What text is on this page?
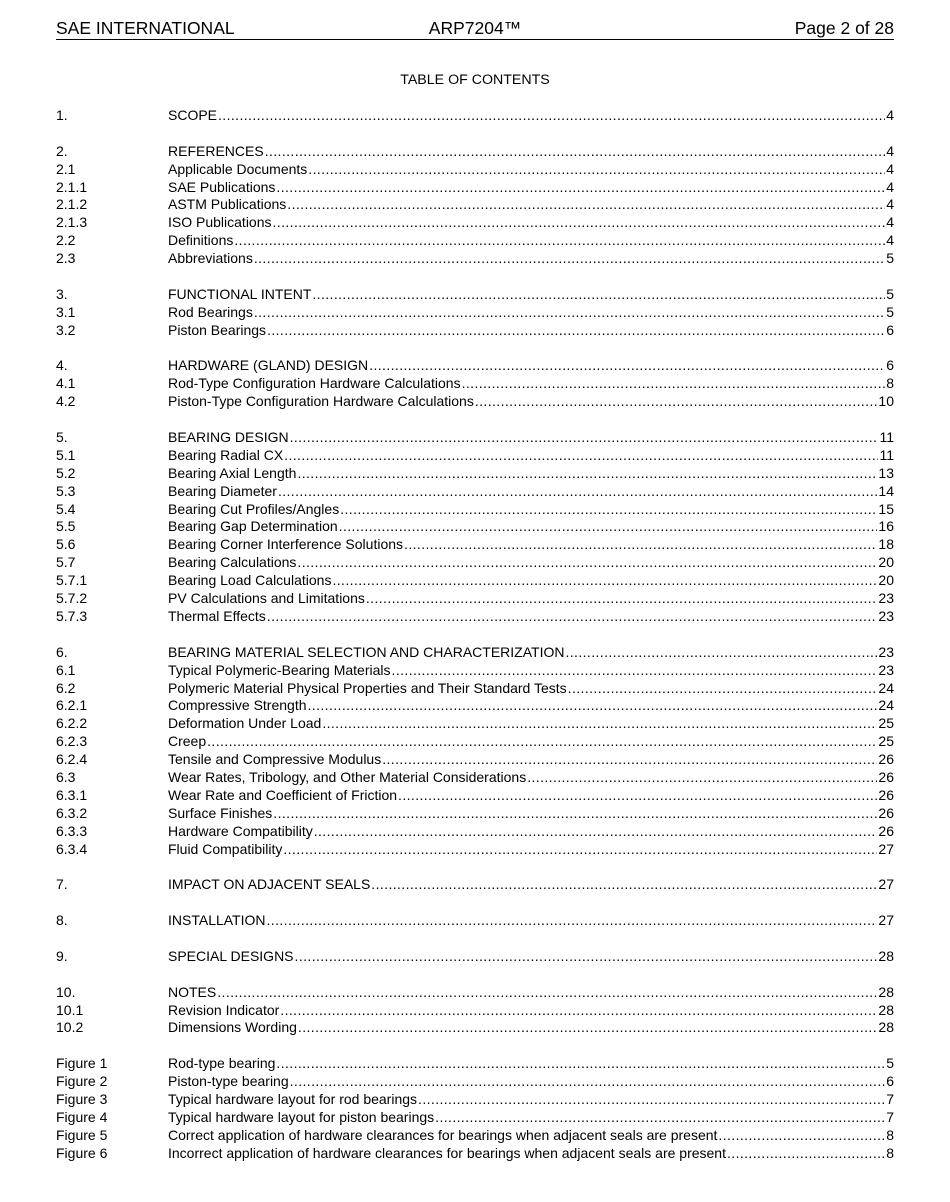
SAE INTERNATIONAL	ARP7204™	Page 2 of 28
TABLE OF CONTENTS
1.	SCOPE .....	4
2.	REFERENCES .....	4
2.1	Applicable Documents .....	4
2.1.1	SAE Publications .....	4
2.1.2	ASTM Publications .....	4
2.1.3	ISO Publications .....	4
2.2	Definitions .....	4
2.3	Abbreviations .....	5
3.	FUNCTIONAL INTENT .....	5
3.1	Rod Bearings .....	5
3.2	Piston Bearings .....	6
4.	HARDWARE (GLAND) DESIGN .....	6
4.1	Rod-Type Configuration Hardware Calculations .....	8
4.2	Piston-Type Configuration Hardware Calculations .....	10
5.	BEARING DESIGN .....	11
5.1	Bearing Radial CX .....	11
5.2	Bearing Axial Length .....	13
5.3	Bearing Diameter .....	14
5.4	Bearing Cut Profiles/Angles .....	15
5.5	Bearing Gap Determination .....	16
5.6	Bearing Corner Interference Solutions .....	18
5.7	Bearing Calculations .....	20
5.7.1	Bearing Load Calculations .....	20
5.7.2	PV Calculations and Limitations .....	23
5.7.3	Thermal Effects .....	23
6.	BEARING MATERIAL SELECTION AND CHARACTERIZATION .....	23
6.1	Typical Polymeric-Bearing Materials .....	23
6.2	Polymeric Material Physical Properties and Their Standard Tests .....	24
6.2.1	Compressive Strength .....	24
6.2.2	Deformation Under Load .....	25
6.2.3	Creep .....	25
6.2.4	Tensile and Compressive Modulus .....	26
6.3	Wear Rates, Tribology, and Other Material Considerations .....	26
6.3.1	Wear Rate and Coefficient of Friction .....	26
6.3.2	Surface Finishes .....	26
6.3.3	Hardware Compatibility .....	26
6.3.4	Fluid Compatibility .....	27
7.	IMPACT ON ADJACENT SEALS .....	27
8.	INSTALLATION .....	27
9.	SPECIAL DESIGNS .....	28
10.	NOTES .....	28
10.1	Revision Indicator .....	28
10.2	Dimensions Wording .....	28
Figure 1	Rod-type bearing .....	5
Figure 2	Piston-type bearing .....	6
Figure 3	Typical hardware layout for rod bearings .....	7
Figure 4	Typical hardware layout for piston bearings .....	7
Figure 5	Correct application of hardware clearances for bearings when adjacent seals are present .....	8
Figure 6	Incorrect application of hardware clearances for bearings when adjacent seals are present .....	8
